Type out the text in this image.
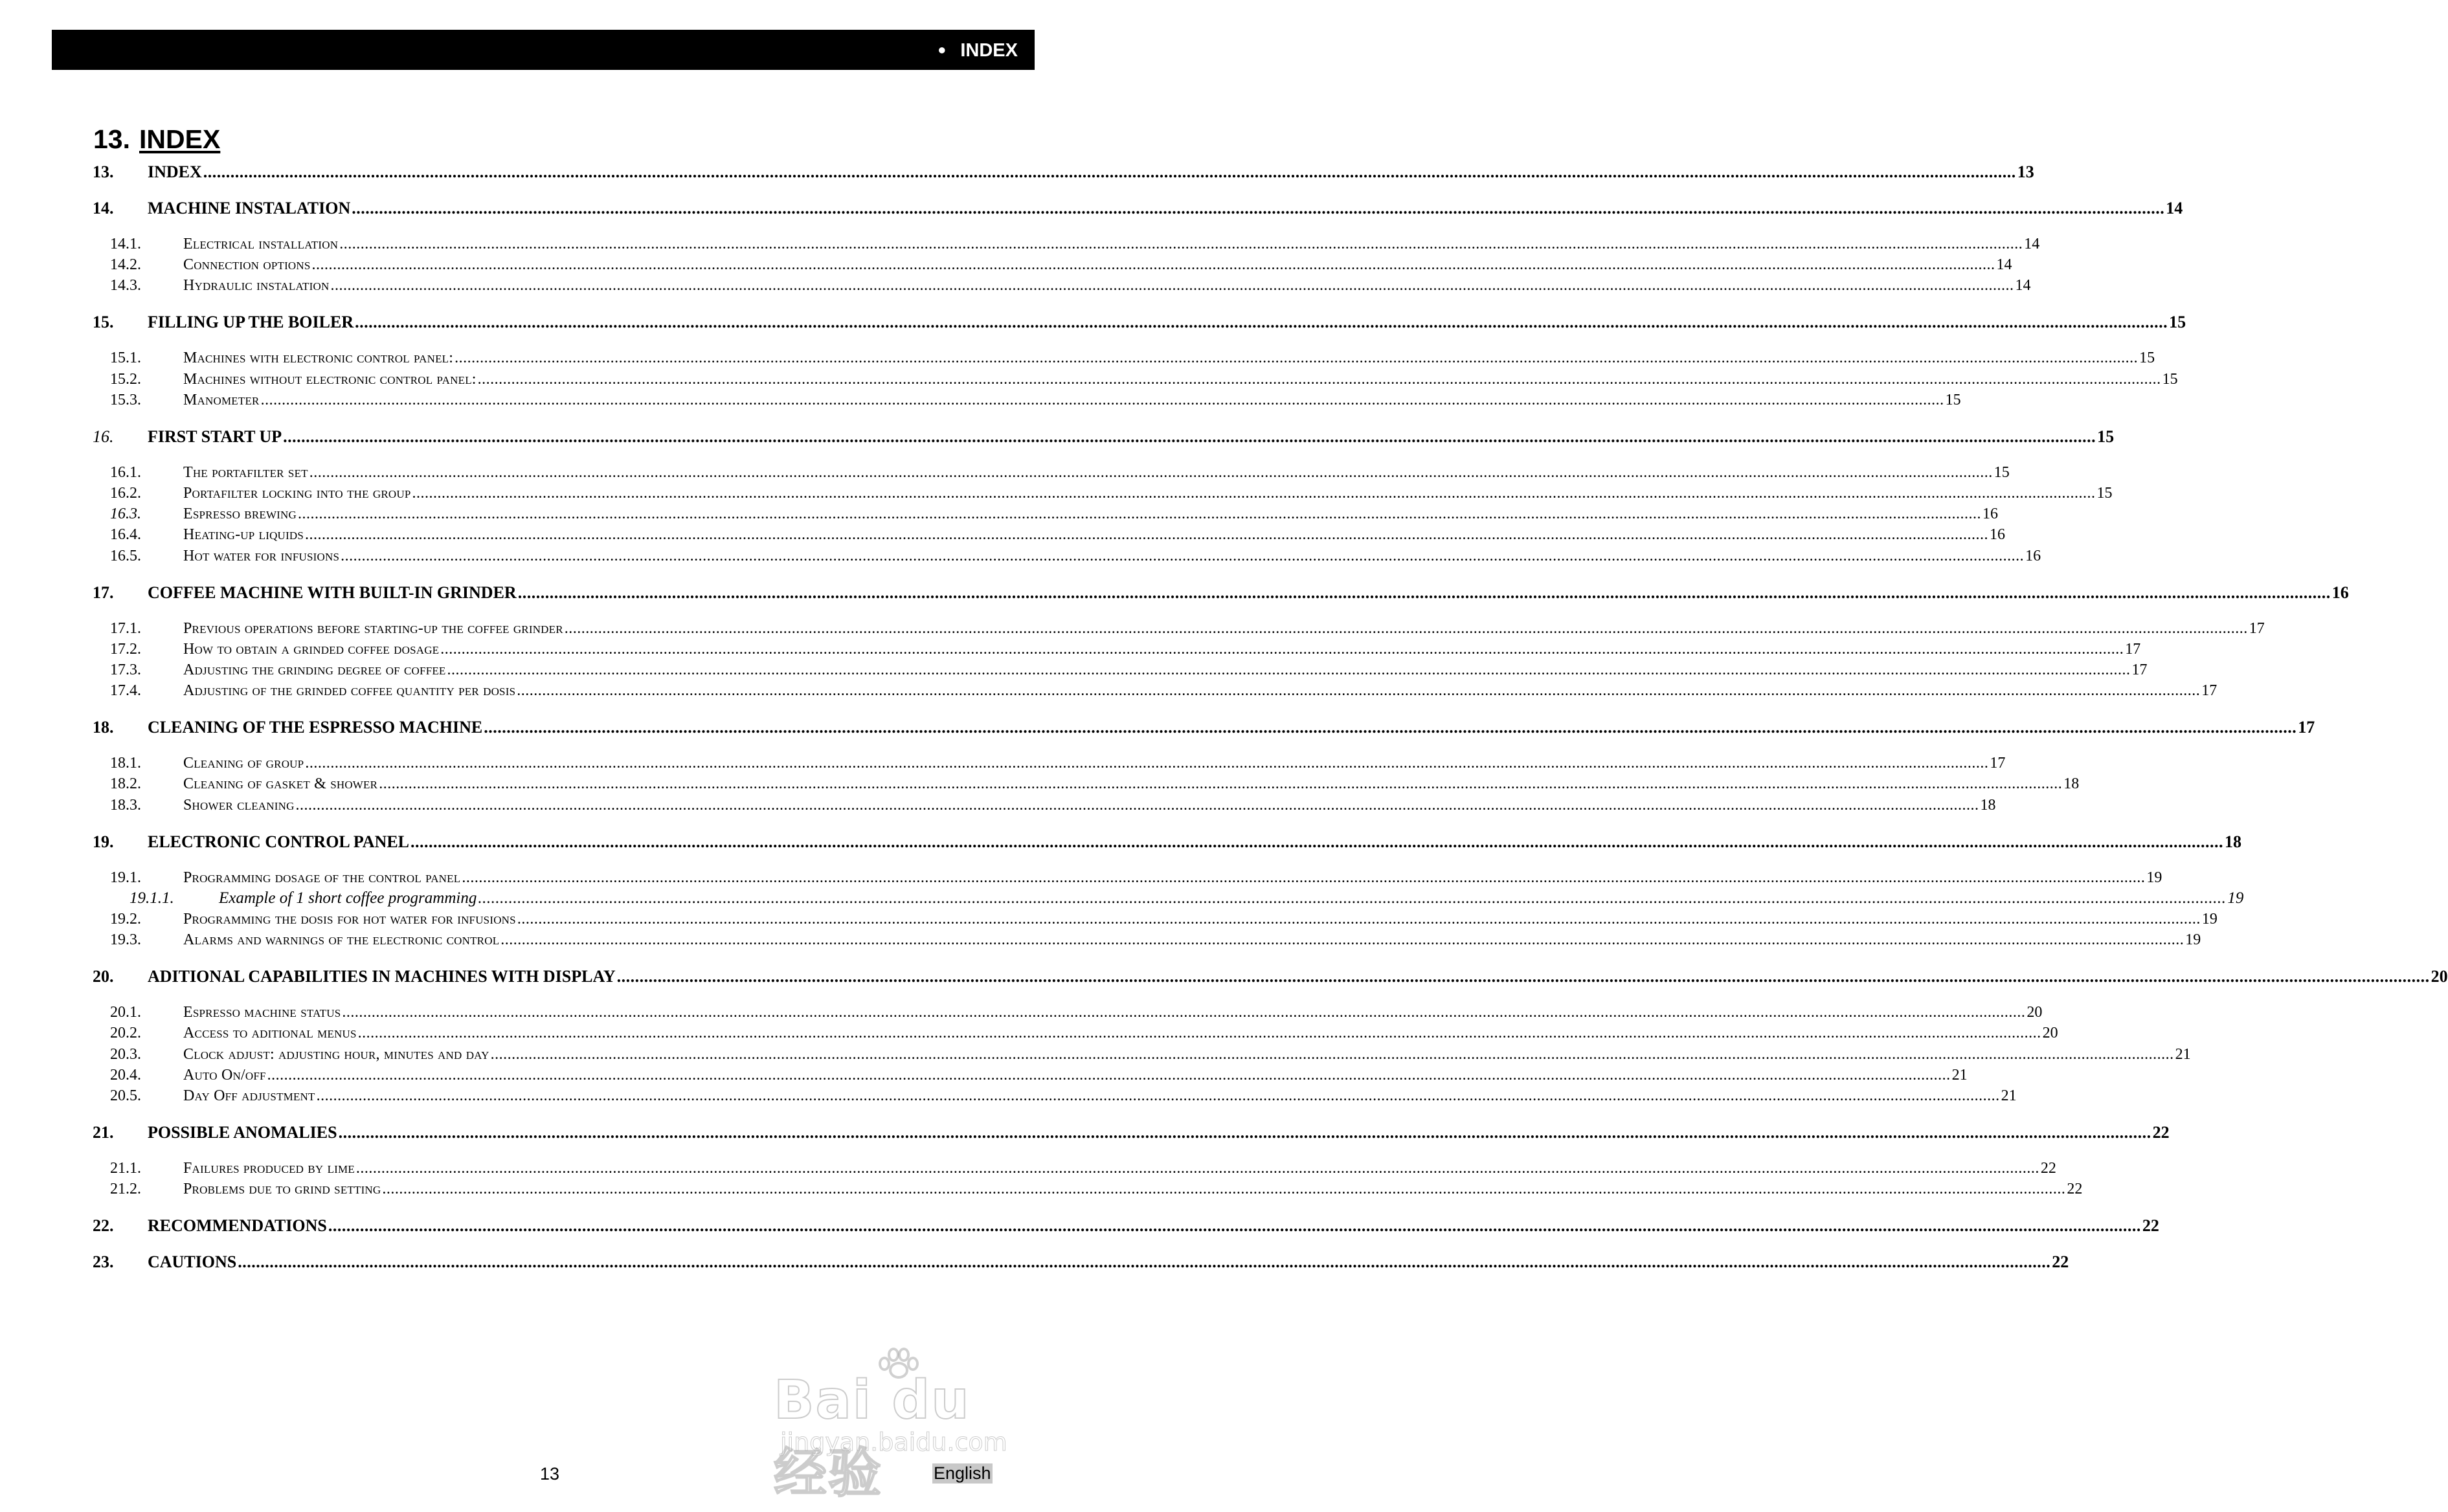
● INDEX
13. INDEX
13. INDEX ................................................................................................................................................................................................................................................................................................................................................................................................................ 13
14. MACHINE INSTALATION ................................................................................................................................................................................................................................................................................................................................................................................................................ 14
14.1.	Electrical installation ................................................................................................................................................................................................................................................................................................................................................................................................................ 14
14.2.	Connection options ................................................................................................................................................................................................................................................................................................................................................................................................................ 14
14.3.	Hydraulic instalation ................................................................................................................................................................................................................................................................................................................................................................................................................ 14
15. FILLING UP THE BOILER ................................................................................................................................................................................................................................................................................................................................................................................................................ 15
15.1.	Machines with electronic control panel: ................................................................................................................................................................................................................................................................................................................................................................................................................ 15
15.2.	Machines without electronic control panel: ................................................................................................................................................................................................................................................................................................................................................................................................................ 15
15.3.	Manometer ................................................................................................................................................................................................................................................................................................................................................................................................................ 15
16. FIRST START UP ................................................................................................................................................................................................................................................................................................................................................................................................................ 15
16.1.	The portafilter set ................................................................................................................................................................................................................................................................................................................................................................................................................ 15
16.2.	Portafilter locking into the group ................................................................................................................................................................................................................................................................................................................................................................................................................ 15
16.3.	Espresso brewing ................................................................................................................................................................................................................................................................................................................................................................................................................ 16
16.4.	Heating-up liquids ................................................................................................................................................................................................................................................................................................................................................................................................................ 16
16.5.	Hot water for infusions ................................................................................................................................................................................................................................................................................................................................................................................................................ 16
17. COFFEE MACHINE WITH BUILT-IN GRINDER ................................................................................................................................................................................................................................................................................................................................................................................................................ 16
17.1.	Previous operations before starting-up the coffee grinder ................................................................................................................................................................................................................................................................................................................................................................................................................ 17
17.2.	How to obtain a grinded coffee dosage ................................................................................................................................................................................................................................................................................................................................................................................................................ 17
17.3.	Adjusting the grinding degree of coffee ................................................................................................................................................................................................................................................................................................................................................................................................................ 17
17.4.	Adjusting of the grinded coffee quantity per dosis ................................................................................................................................................................................................................................................................................................................................................................................................................ 17
18. CLEANING OF THE ESPRESSO MACHINE ................................................................................................................................................................................................................................................................................................................................................................................................................ 17
18.1.	Cleaning of group ................................................................................................................................................................................................................................................................................................................................................................................................................ 17
18.2.	Cleaning of gasket & shower ................................................................................................................................................................................................................................................................................................................................................................................................................ 18
18.3.	Shower cleaning ................................................................................................................................................................................................................................................................................................................................................................................................................ 18
19. ELECTRONIC CONTROL PANEL ................................................................................................................................................................................................................................................................................................................................................................................................................ 18
19.1.	Programming dosage of the control panel ................................................................................................................................................................................................................................................................................................................................................................................................................ 19
19.1.1.	Example of 1 short coffee programming ................................................................................................................................................................................................................................................................................................................................................................................................................ 19
19.2.	Programming the dosis for hot water for infusions ................................................................................................................................................................................................................................................................................................................................................................................................................ 19
19.3.	Alarms and warnings of the electronic control ................................................................................................................................................................................................................................................................................................................................................................................................................ 19
20. ADITIONAL CAPABILITIES IN MACHINES WITH DISPLAY ................................................................................................................................................................................................................................................................................................................................................................................................................ 20
20.1.	Espresso machine status ................................................................................................................................................................................................................................................................................................................................................................................................................ 20
20.2.	Access to aditional menus ................................................................................................................................................................................................................................................................................................................................................................................................................ 20
20.3.	Clock adjust: adjusting hour, minutes and day ................................................................................................................................................................................................................................................................................................................................................................................................................ 21
20.4.	Auto On/off ................................................................................................................................................................................................................................................................................................................................................................................................................ 21
20.5.	Day Off adjustment ................................................................................................................................................................................................................................................................................................................................................................................................................ 21
21. POSSIBLE ANOMALIES ................................................................................................................................................................................................................................................................................................................................................................................................................ 22
21.1.	Failures produced by lime ................................................................................................................................................................................................................................................................................................................................................................................................................ 22
21.2.	Problems due to grind setting ................................................................................................................................................................................................................................................................................................................................................................................................................ 22
22. RECOMMENDATIONS ................................................................................................................................................................................................................................................................................................................................................................................................................ 22
23. CAUTIONS ................................................................................................................................................................................................................................................................................................................................................................................................................ 22
13	English
Bai du 经验
jingyan.baidu.com
